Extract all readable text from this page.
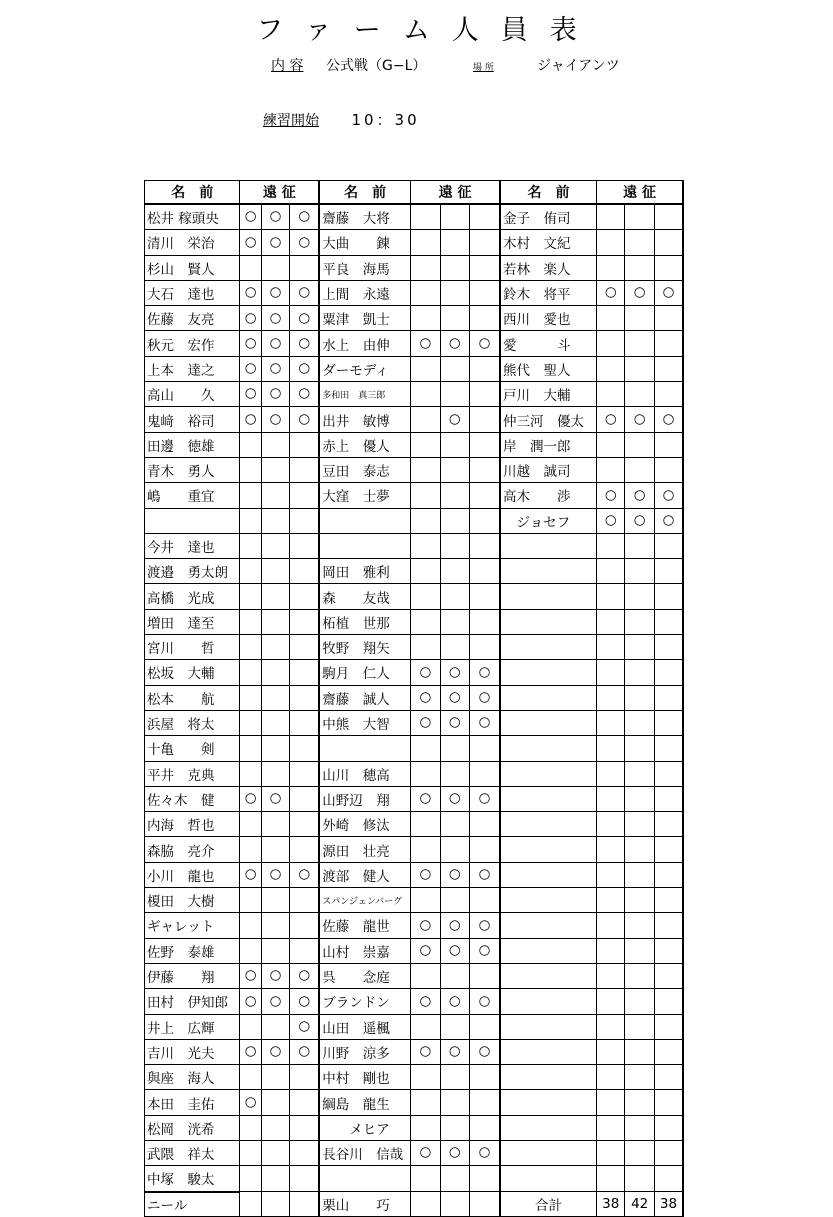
ファーム人員表
内 容 公式戦（G−L）	場 所	ジャイアンツ
練習開始 10：30
名　前	遠 征			名　前	遠 征			名　前	遠 征		
松井 稼頭央	○	○	○	齋藤　大将				金子　侑司			
清川　栄治	○	○	○	大曲　　錬				木村　文紀			
杉山　賢人				平良　海馬				若林　楽人			
大石　達也	○	○	○	上間　永遠				鈴木　将平	○	○	○
佐藤　友亮	○	○	○	粟津　凱士				西川　愛也			
秋元　宏作	○	○	○	水上　由伸	○	○	○	愛　　　斗			
上本　達之	○	○	○	ダーモディ				熊代　聖人			
高山　　久	○	○	○	多和田　真三郎				戸川　大輔			
鬼﨑　裕司	○	○	○	出井　敏博		○		仲三河　優太	○	○	○
田邊　徳雄				赤上　優人				岸　潤一郎			
青木　勇人				豆田　泰志				川越　誠司			
嶋　　重宜				大窪　士夢				高木　　渉	○	○	○
								　ジョセフ	○	○	○
今井　達也											
渡邉　勇太朗				岡田　雅利							
高橋　光成				森　　友哉							
増田　達至				柘植　世那							
宮川　　哲				牧野　翔矢							
松坂　大輔				駒月　仁人	○	○	○				
松本　　航				齋藤　誠人	○	○	○				
浜屋　将太				中熊　大智	○	○	○				
十亀　　剣											
平井　克典				山川　穂高							
佐々木　健	○	○		山野辺　翔	○	○	○				
内海　哲也				外崎　修汰							
森脇　亮介				源田　壮亮							
小川　龍也	○	○	○	渡部　健人	○	○	○				
榎田　大樹				スパンジェンバーグ							
ギャレット				佐藤　龍世	○	○	○				
佐野　泰雄				山村　崇嘉	○	○	○				
伊藤　　翔	○	○	○	呉　　念庭							
田村　伊知郎	○	○	○	ブランドン	○	○	○				
井上　広輝			○	山田　遥楓							
吉川　光夫	○	○	○	川野　涼多	○	○	○				
與座　海人				中村　剛也							
本田　圭佑	○			綱島　龍生							
松岡　洸希				　　メヒア							
武隈　祥太				長谷川　信哉	○	○	○				
中塚　駿太											
ニール				栗山　　巧				合計	38	42	38
